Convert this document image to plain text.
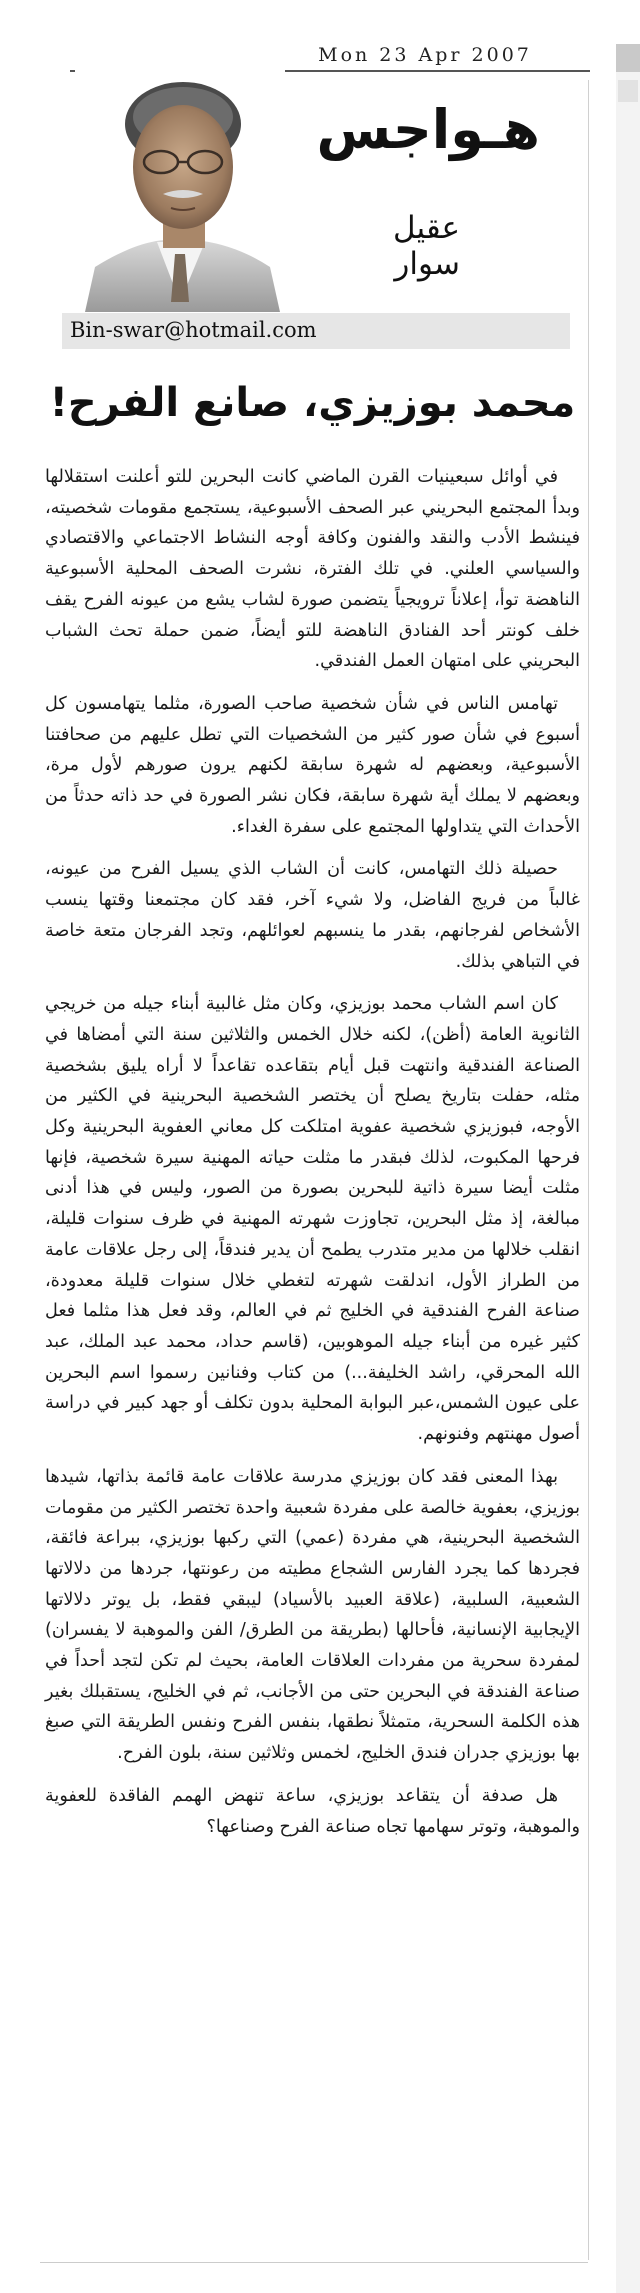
Mon 23 Apr 2007
هـواجس
عقيل سوار
Bin-swar@hotmail.com
محمد بوزيزي، صانع الفرح!

في أوائل سبعينيات القرن الماضي كانت البحرين للتو أعلنت استقلالها وبدأ المجتمع البحريني عبر الصحف الأسبوعية، يستجمع مقومات شخصيته، فينشط الأدب والنقد والفنون وكافة أوجه النشاط الاجتماعي والاقتصادي والسياسي العلني. في تلك الفترة، نشرت الصحف المحلية الأسبوعية الناهضة توأ، إعلاناً ترويجياً يتضمن صورة لشاب يشع من عيونه الفرح يقف خلف كونتر أحد الفنادق الناهضة للتو أيضاً، ضمن حملة تحث الشباب البحريني على امتهان العمل الفندقي.

تهامس الناس في شأن شخصية صاحب الصورة، مثلما يتهامسون كل أسبوع في شأن صور كثير من الشخصيات التي تطل عليهم من صحافتنا الأسبوعية، وبعضهم له شهرة سابقة لكنهم يرون صورهم لأول مرة، وبعضهم لا يملك أية شهرة سابقة، فكان نشر الصورة في حد ذاته حدثاً من الأحداث التي يتداولها المجتمع على سفرة الغداء.

حصيلة ذلك التهامس، كانت أن الشاب الذي يسيل الفرح من عيونه، غالباً من فريج الفاضل، ولا شيء آخر، فقد كان مجتمعنا وقتها ينسب الأشخاص لفرجانهم، بقدر ما ينسبهم لعوائلهم، وتجد الفرجان متعة خاصة في التباهي بذلك.

كان اسم الشاب محمد بوزيزي، وكان مثل غالبية أبناء جيله من خريجي الثانوية العامة (أظن)، لكنه خلال الخمس والثلاثين سنة التي أمضاها في الصناعة الفندقية وانتهت قبل أيام بتقاعده تقاعداً لا أراه يليق بشخصية مثله، حفلت بتاريخ يصلح أن يختصر الشخصية البحرينية في الكثير من الأوجه، فبوزيزي شخصية عفوية امتلكت كل معاني العفوية البحرينية وكل فرحها المكبوت، لذلك فبقدر ما مثلت حياته المهنية سيرة شخصية، فإنها مثلت أيضا سيرة ذاتية للبحرين بصورة من الصور، وليس في هذا أدنى مبالغة، إذ مثل البحرين، تجاوزت شهرته المهنية في ظرف سنوات قليلة، انقلب خلالها من مدير متدرب يطمح أن يدير فندقاً، إلى رجل علاقات عامة من الطراز الأول، اندلقت شهرته لتغطي خلال سنوات قليلة معدودة، صناعة الفرح الفندقية في الخليج ثم في العالم، وقد فعل هذا مثلما فعل كثير غيره من أبناء جيله الموهوبين، (قاسم حداد، محمد عبد الملك، عبد الله المحرقي، راشد الخليفة...) من كتاب وفنانين رسموا اسم البحرين على عيون الشمس،عبر البوابة المحلية بدون تكلف أو جهد كبير في دراسة أصول مهنتهم وفنونهم.

بهذا المعنى فقد كان بوزيزي مدرسة علاقات عامة قائمة بذاتها، شيدها بوزيزي، بعفوية خالصة على مفردة شعبية واحدة تختصر الكثير من مقومات الشخصية البحرينية، هي مفردة (عمي) التي ركبها بوزيزي، ببراعة فائقة، فجردها كما يجرد الفارس الشجاع مطيته من رعونتها، جردها من دلالاتها الشعبية، السلبية، (علاقة العبيد بالأسياد) ليبقي فقط، بل يوتر دلالاتها الإيجابية الإنسانية، فأحالها (بطريقة من الطرق/ الفن والموهبة لا يفسران) لمفردة سحرية من مفردات العلاقات العامة، بحيث لم تكن لتجد أحداً في صناعة الفندقة في البحرين حتى من الأجانب، ثم في الخليج، يستقبلك بغير هذه الكلمة السحرية، متمثلاً نطقها، بنفس الفرح ونفس الطريقة التي صبغ بها بوزيزي جدران فندق الخليج، لخمس وثلاثين سنة، بلون الفرح.

هل صدفة أن يتقاعد بوزيزي، ساعة تنهض الهمم الفاقدة للعفوية والموهبة، وتوتر سهامها تجاه صناعة الفرح وصناعها؟
